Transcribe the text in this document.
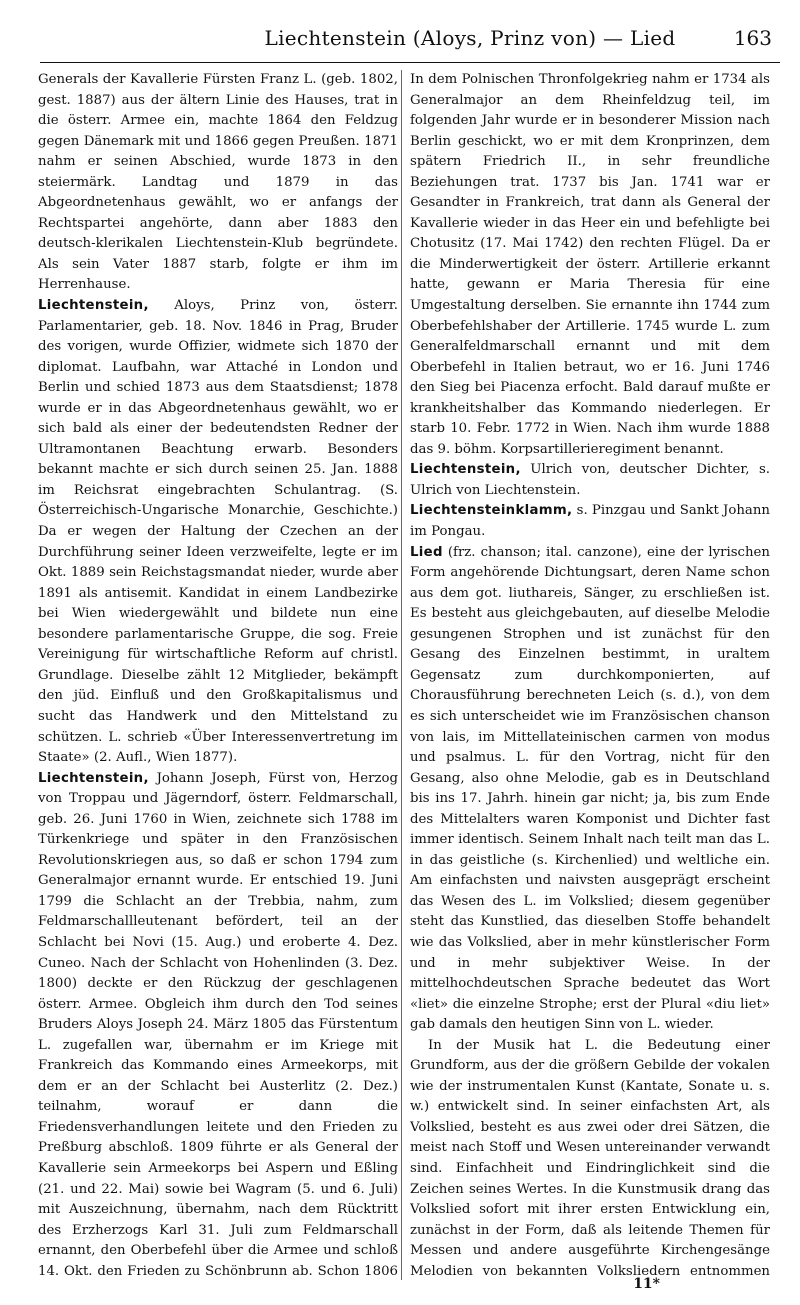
Liechtenstein (Aloys, Prinz von) — Lied	163

Generals der Kavallerie Fürsten Franz L. (geb. 1802, gest. 1887) aus der ältern Linie des Hauses, trat in die österr. Armee ein, machte 1864 den Feldzug gegen Dänemark mit und 1866 gegen Preußen. 1871 nahm er seinen Abschied, wurde 1873 in den steiermärk. Landtag und 1879 in das Abgeordnetenhaus gewählt, wo er anfangs der Rechtspartei angehörte, dann aber 1883 den deutsch-klerikalen Liechtenstein-Klub begründete. Als sein Vater 1887 starb, folgte er ihm im Herrenhause.

Liechtenstein, Aloys, Prinz von, österr. Parlamentarier, geb. 18. Nov. 1846 in Prag, Bruder des vorigen, wurde Offizier, widmete sich 1870 der diplomat. Laufbahn, war Attaché in London und Berlin und schied 1873 aus dem Staatsdienst; 1878 wurde er in das Abgeordnetenhaus gewählt, wo er sich bald als einer der bedeutendsten Redner der Ultramontanen Beachtung erwarb. Besonders bekannt machte er sich durch seinen 25. Jan. 1888 im Reichsrat eingebrachten Schulantrag. (S. Österreichisch-Ungarische Monarchie, Geschichte.) Da er wegen der Haltung der Czechen an der Durchführung seiner Ideen verzweifelte, legte er im Okt. 1889 sein Reichstagsmandat nieder, wurde aber 1891 als antisemit. Kandidat in einem Landbezirke bei Wien wiedergewählt und bildete nun eine besondere parlamentarische Gruppe, die sog. Freie Vereinigung für wirtschaftliche Reform auf christl. Grundlage. Dieselbe zählt 12 Mitglieder, bekämpft den jüd. Einfluß und den Großkapitalismus und sucht das Handwerk und den Mittelstand zu schützen. L. schrieb «Über Interessenvertretung im Staate» (2. Aufl., Wien 1877).

Liechtenstein, Johann Joseph, Fürst von, Herzog von Troppau und Jägerndorf, österr. Feldmarschall, geb. 26. Juni 1760 in Wien, zeichnete sich 1788 im Türkenkriege und später in den Französischen Revolutionskriegen aus, so daß er schon 1794 zum Generalmajor ernannt wurde. Er entschied 19. Juni 1799 die Schlacht an der Trebbia, nahm, zum Feldmarschallleutenant befördert, teil an der Schlacht bei Novi (15. Aug.) und eroberte 4. Dez. Cuneo. Nach der Schlacht von Hohenlinden (3. Dez. 1800) deckte er den Rückzug der geschlagenen österr. Armee. Obgleich ihm durch den Tod seines Bruders Aloys Joseph 24. März 1805 das Fürstentum L. zugefallen war, übernahm er im Kriege mit Frankreich das Kommando eines Armeekorps, mit dem er an der Schlacht bei Austerlitz (2. Dez.) teilnahm, worauf er dann die Friedensverhandlungen leitete und den Frieden zu Preßburg abschloß. 1809 führte er als General der Kavallerie sein Armeekorps bei Aspern und Eßling (21. und 22. Mai) sowie bei Wagram (5. und 6. Juli) mit Auszeichnung, übernahm, nach dem Rücktritt des Erzherzogs Karl 31. Juli zum Feldmarschall ernannt, den Oberbefehl über die Armee und schloß 14. Okt. den Frieden zu Schönbrunn ab. Schon 1806

In dem Polnischen Thronfolgekrieg nahm er 1734 als Generalmajor an dem Rheinfeldzug teil, im folgenden Jahr wurde er in besonderer Mission nach Berlin geschickt, wo er mit dem Kronprinzen, dem spätern Friedrich II., in sehr freundliche Beziehungen trat. 1737 bis Jan. 1741 war er Gesandter in Frankreich, trat dann als General der Kavallerie wieder in das Heer ein und befehligte bei Chotusitz (17. Mai 1742) den rechten Flügel. Da er die Minderwertigkeit der österr. Artillerie erkannt hatte, gewann er Maria Theresia für eine Umgestaltung derselben. Sie ernannte ihn 1744 zum Oberbefehlshaber der Artillerie. 1745 wurde L. zum Generalfeldmarschall ernannt und mit dem Oberbefehl in Italien betraut, wo er 16. Juni 1746 den Sieg bei Piacenza erfocht. Bald darauf mußte er krankheitshalber das Kommando niederlegen. Er starb 10. Febr. 1772 in Wien. Nach ihm wurde 1888 das 9. böhm. Korpsartillerieregiment benannt.

Liechtenstein, Ulrich von, deutscher Dichter, s. Ulrich von Liechtenstein.

Liechtensteinklamm, s. Pinzgau und Sankt Johann im Pongau.

Lied (frz. chanson; ital. canzone), eine der lyrischen Form angehörende Dichtungsart, deren Name schon aus dem got. liuthareis, Sänger, zu erschließen ist. Es besteht aus gleichgebauten, auf dieselbe Melodie gesungenen Strophen und ist zunächst für den Gesang des Einzelnen bestimmt, in uraltem Gegensatz zum durchkomponierten, auf Chorausführung berechneten Leich (s. d.), von dem es sich unterscheidet wie im Französischen chanson von lais, im Mittellateinischen carmen von modus und psalmus. L. für den Vortrag, nicht für den Gesang, also ohne Melodie, gab es in Deutschland bis ins 17. Jahrh. hinein gar nicht; ja, bis zum Ende des Mittelalters waren Komponist und Dichter fast immer identisch. Seinem Inhalt nach teilt man das L. in das geistliche (s. Kirchenlied) und weltliche ein. Am einfachsten und naivsten ausgeprägt erscheint das Wesen des L. im Volkslied; diesem gegenüber steht das Kunstlied, das dieselben Stoffe behandelt wie das Volkslied, aber in mehr künstlerischer Form und in mehr subjektiver Weise. In der mittelhochdeutschen Sprache bedeutet das Wort «liet» die einzelne Strophe; erst der Plural «diu liet» gab damals den heutigen Sinn von L. wieder.

In der Musik hat L. die Bedeutung einer Grundform, aus der die größern Gebilde der vokalen wie der instrumentalen Kunst (Kantate, Sonate u. s. w.) entwickelt sind. In seiner einfachsten Art, als Volkslied, besteht es aus zwei oder drei Sätzen, die meist nach Stoff und Wesen untereinander verwandt sind. Einfachheit und Eindringlichkeit sind die Zeichen seines Wertes. In die Kunstmusik drang das Volkslied sofort mit ihrer ersten Entwicklung ein, zunächst in der Form, daß als leitende Themen für Messen und andere ausgeführte Kirchengesänge Melodien von bekannten Volksliedern entnommen

11*
